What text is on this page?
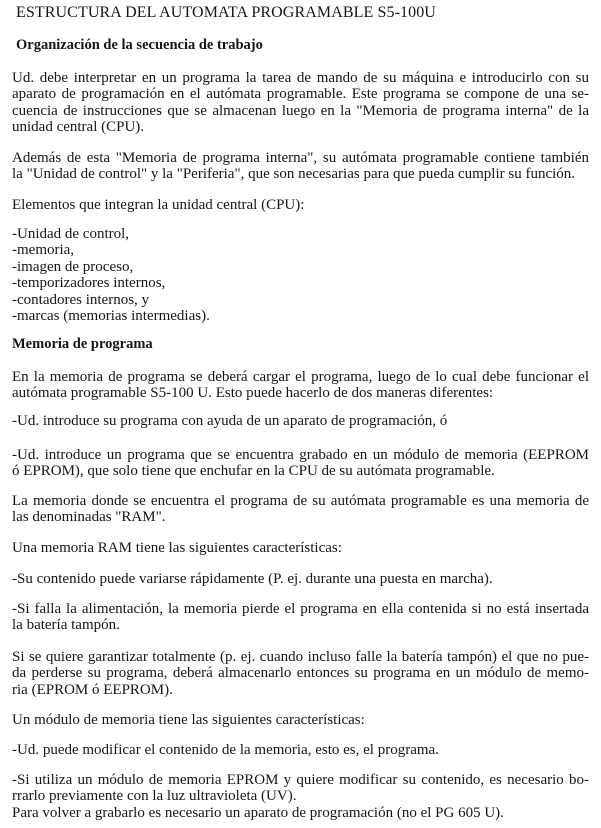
ESTRUCTURA DEL AUTOMATA PROGRAMABLE S5-100U
Organización de la secuencia de trabajo
Ud. debe interpretar en un programa la tarea de mando de su máquina e introducirlo con su
aparato de programación en el autómata programable. Este programa se compone de una se-
cuencia de instrucciones que se almacenan luego en la "Memoria de programa interna" de la
unidad central (CPU).
Además de esta "Memoria de programa interna", su autómata programable contiene también
la "Unidad de control" y la "Periferia", que son necesarias para que pueda cumplir su función.
Elementos que integran la unidad central (CPU):
-Unidad de control,
-memoria,
-imagen de proceso,
-temporizadores internos,
-contadores internos, y
-marcas (memorias intermedias).
Memoria de programa
En la memoria de programa se deberá cargar el programa, luego de lo cual debe funcionar el
autómata programable S5-100 U. Esto puede hacerlo de dos maneras diferentes:
-Ud. introduce su programa con ayuda de un aparato de programación, ó
-Ud. introduce un programa que se encuentra grabado en un módulo de memoria (EEPROM
ó EPROM), que solo tiene que enchufar en la CPU de su autómata programable.
La memoria donde se encuentra el programa de su autómata programable es una memoria de
las denominadas "RAM".
Una memoria RAM tiene las siguientes características:
-Su contenido puede variarse rápidamente (P. ej. durante una puesta en marcha).
-Si falla la alimentación, la memoria pierde el programa en ella contenida si no está insertada
la batería tampón.
Si se quiere garantizar totalmente (p. ej. cuando incluso falle la batería tampón) el que no pue-
da perderse su programa, deberá almacenarlo entonces su programa en un módulo de memo-
ria (EPROM ó EEPROM).
Un módulo de memoria tiene las siguientes características:
-Ud. puede modificar el contenido de la memoria, esto es, el programa.
-Si utiliza un módulo de memoria EPROM y quiere modificar su contenido, es necesario bo-
rrarlo previamente con la luz ultravioleta (UV).
Para volver a grabarlo es necesario un aparato de programación (no el PG 605 U).
